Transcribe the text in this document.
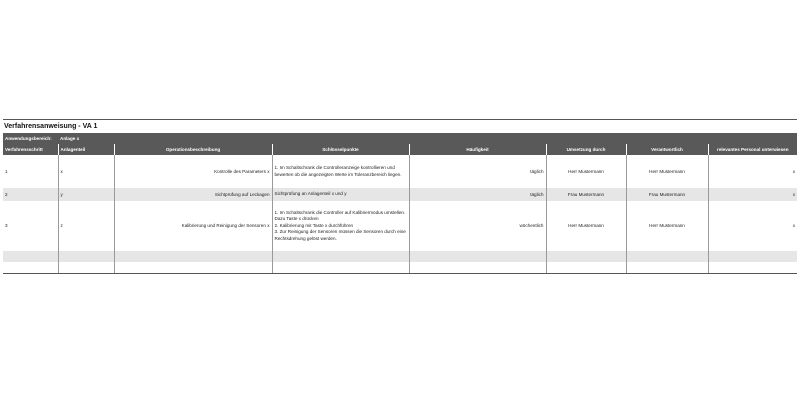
Verfahrensanweisung - VA 1
Anwendungsbereich:	Anlage x						
Verfahrensschritt	Anlagenteil	Operationsbeschreibung	Schlüsselpunkte	Häufigkeit	Umsetzung durch	Verantwortlich	relevantes Personal unterwiesen
1	x	Kontrolle des Parameters x	1. Im Schaltschrank die Controlleranzeige kontrollieren und bewerten ob die angezeigten Werte im Toleranzbereich liegen.	täglich	Herr Mustermann	Herr Mustermann	x
2	y	Sichtprüfung auf Leckagen	Sichtprüfung an Anlagenteil x und y	täglich	Frau Mustermann	Frau Mustermann	x
3	z	Kalibrierung und Reinigung der Sensoren x	1. Im Schaltschrank die Controller auf Kalibriermodus umstellen. Dazu Taste x drücken
2. Kalibrierung mit Taste x durchführen
3. Zur Reinigung der Sensoren müssen die Sensoren durch eine Rechtsdrehung gelöst werden.	wöchentlich	Herr Mustermann	Herr Mustermann	x
